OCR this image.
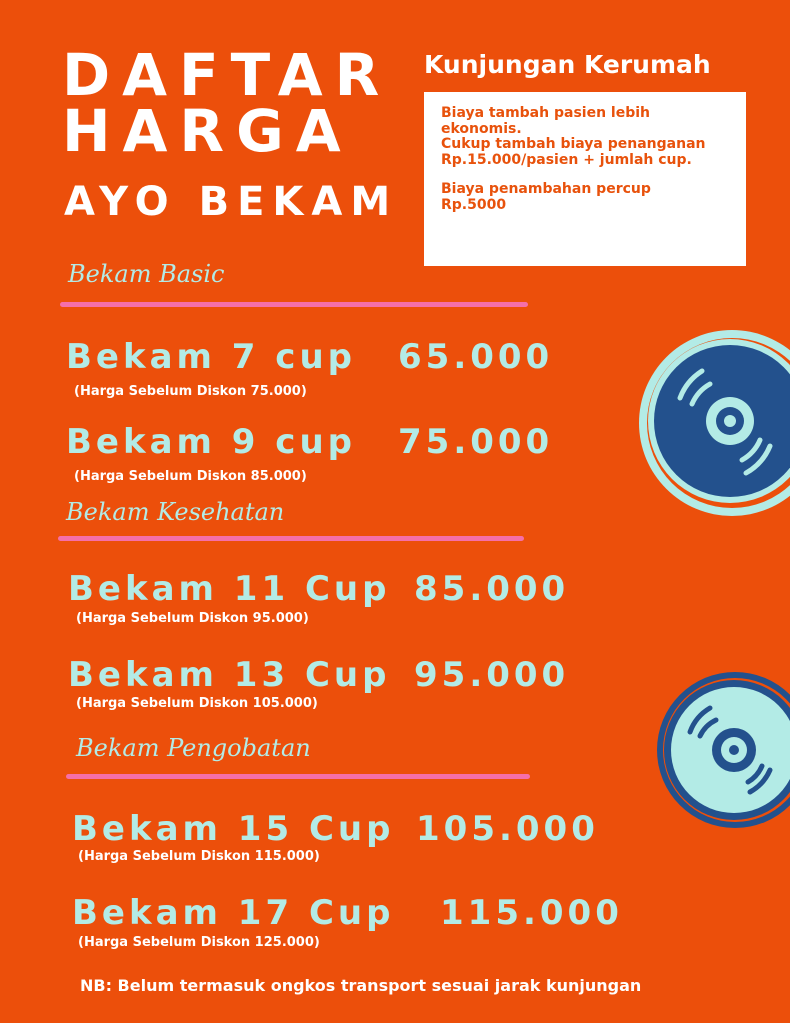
DAFTAR
HARGA
AYO BEKAM
Kunjungan Kerumah

Biaya tambah pasien lebih ekonomis.

Cukup tambah biaya penanganan

Rp.15.000/pasien + jumlah cup.

Biaya penambahan percup

Rp.5000

Bekam Basic
Bekam 7 cup 65.000
(Harga Sebelum Diskon 75.000)
Bekam 9 cup 75.000
(Harga Sebelum Diskon 85.000)
Bekam Kesehatan
Bekam 11 Cup 85.000
(Harga Sebelum Diskon 95.000)
Bekam 13 Cup 95.000
(Harga Sebelum Diskon 105.000)
Bekam Pengobatan
Bekam 15 Cup 105.000
(Harga Sebelum Diskon 115.000)
Bekam 17 Cup 115.000
(Harga Sebelum Diskon 125.000)
NB: Belum termasuk ongkos transport sesuai jarak kunjungan
